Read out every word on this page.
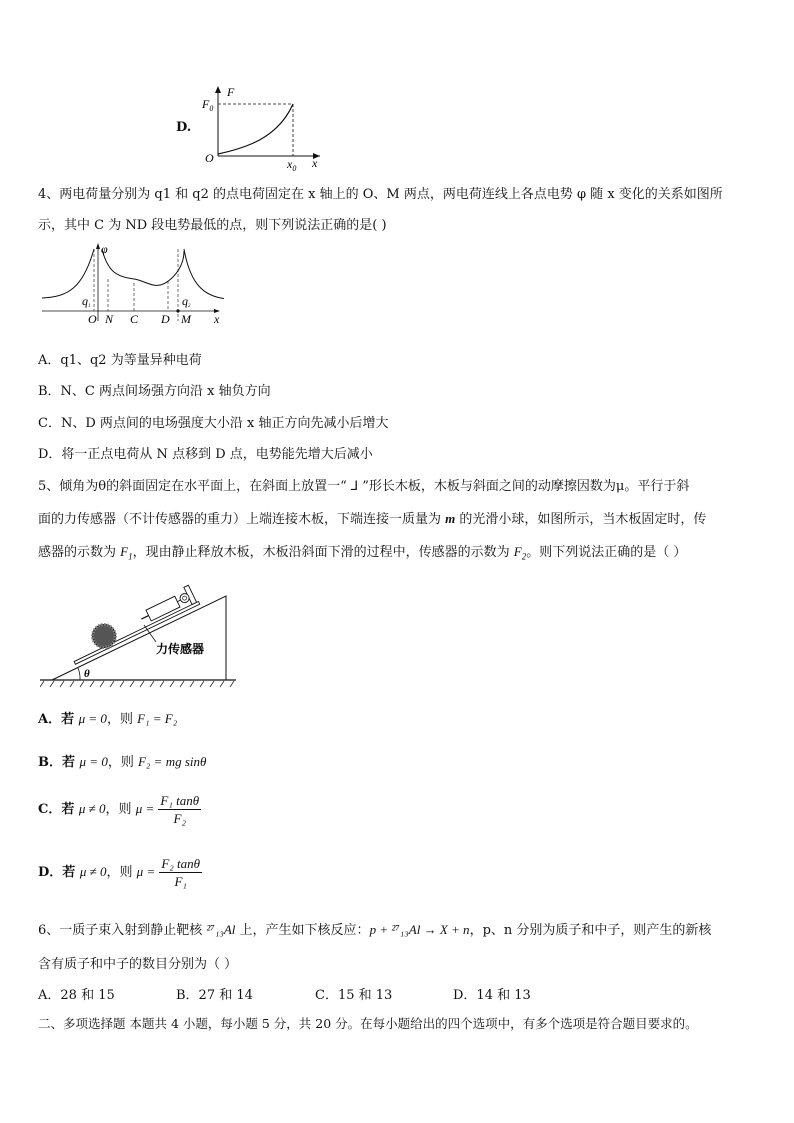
D.
F
$F_0$
O	$x_0$ x
4、两电荷量分别为 q1 和 q2 的点电荷固定在 x 轴上的 O、M 两点，两电荷连线上各点电势 φ 随 x 变化的关系如图所
示，其中 C 为 ND 段电势最低的点，则下列说法正确的是( )
φ
q1	q2
O N C D M x
A．q1、q2 为等量异种电荷
B．N、C 两点间场强方向沿 x 轴负方向
C．N、D 两点间的电场强度大小沿 x 轴正方向先减小后增大
D．将一正点电荷从 N 点移到 D 点，电势能先增大后减小
5、倾角为θ的斜面固定在水平面上，在斜面上放置一“ ⅃ ”形长木板，木板与斜面之间的动摩擦因数为μ。平行于斜
面的力传感器（不计传感器的重力）上端连接木板，下端连接一质量为 m 的光滑小球，如图所示，当木板固定时，传
感器的示数为 $F_1$，现由静止释放木板，木板沿斜面下滑的过程中，传感器的示数为 $F_2$。则下列说法正确的是（ ）
力传感器
θ
A．若 μ = 0，则 F₁ = F₂
B．若 μ = 0，则 F₂ = mg sinθ
C．若 μ ≠ 0，则 $\mu = \frac{\text{F₁ tanθ}}{\text{F₂}}$
D．若 μ ≠ 0，则 $\mu = \frac{\text{F₂ tanθ}}{\text{F₁}}$
6、一质子束入射到静止靶核 ²⁷₁₃Al 上，产生如下核反应：p + ²⁷₁₃Al → X + n，p、n 分别为质子和中子，则产生的新核
含有质子和中子的数目分别为（ ）
A．28 和 15	B．27 和 14	C．15 和 13	D．14 和 13
二、多项选择题 本题共 4 小题，每小题 5 分，共 20 分。在每小题给出的四个选项中，有多个选项是符合题目要求的。
